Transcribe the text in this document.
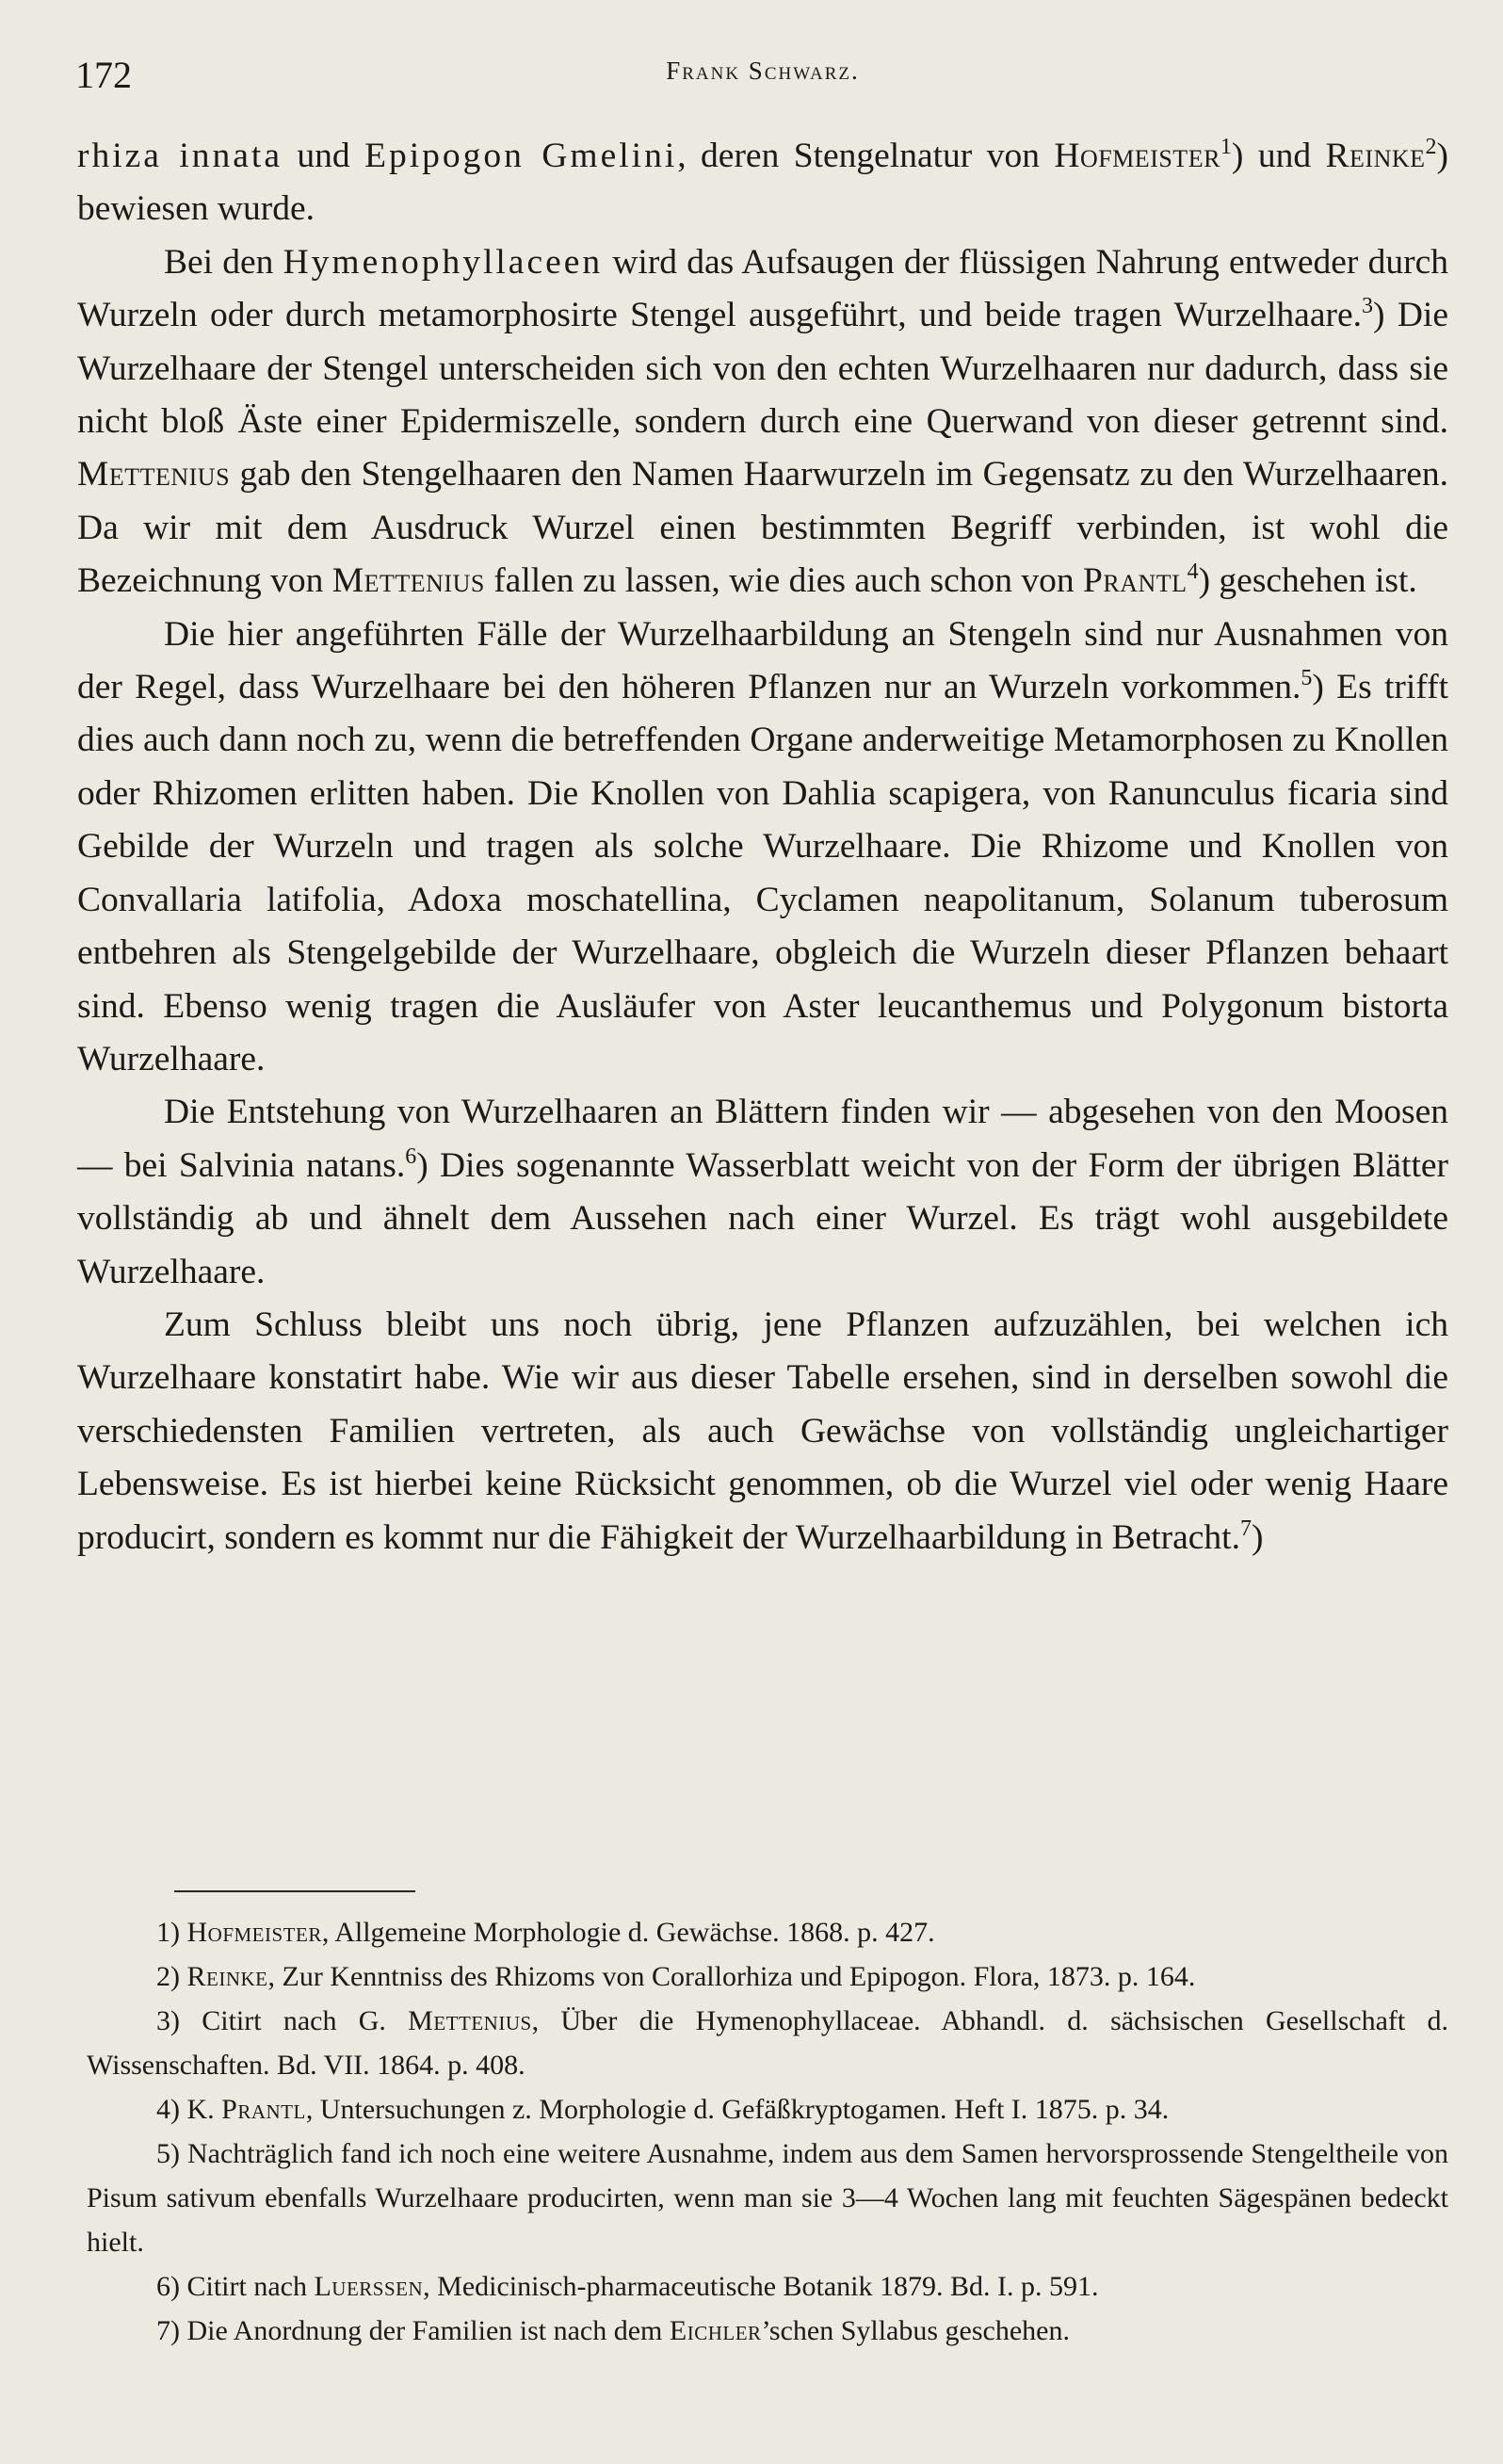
172	Frank Schwarz.

rhiza innata und Epipogon Gmelini, deren Stengelnatur von Hofmeister$^1$) und Reinke$^2$) bewiesen wurde.

Bei den Hymenophyllaceen wird das Aufsaugen der flüssigen Nahrung entweder durch Wurzeln oder durch metamorphosirte Stengel ausgeführt, und beide tragen Wurzelhaare.$^3$) Die Wurzelhaare der Stengel unterscheiden sich von den echten Wurzelhaaren nur dadurch, dass sie nicht bloß Äste einer Epidermiszelle, sondern durch eine Querwand von dieser getrennt sind. Mettenius gab den Stengelhaaren den Namen Haarwurzeln im Gegensatz zu den Wurzelhaaren. Da wir mit dem Ausdruck Wurzel einen bestimmten Begriff verbinden, ist wohl die Bezeichnung von Mettenius fallen zu lassen, wie dies auch schon von Prantl$^4$) geschehen ist.

Die hier angeführten Fälle der Wurzelhaarbildung an Stengeln sind nur Ausnahmen von der Regel, dass Wurzelhaare bei den höheren Pflanzen nur an Wurzeln vorkommen.$^5$) Es trifft dies auch dann noch zu, wenn die betreffenden Organe anderweitige Metamorphosen zu Knollen oder Rhizomen erlitten haben. Die Knollen von Dahlia scapigera, von Ranunculus ficaria sind Gebilde der Wurzeln und tragen als solche Wurzelhaare. Die Rhizome und Knollen von Convallaria latifolia, Adoxa moschatellina, Cyclamen neapolitanum, Solanum tuberosum entbehren als Stengelgebilde der Wurzelhaare, obgleich die Wurzeln dieser Pflanzen behaart sind. Ebenso wenig tragen die Ausläufer von Aster leucanthemus und Polygonum bistorta Wurzelhaare.

Die Entstehung von Wurzelhaaren an Blättern finden wir — abgesehen von den Moosen — bei Salvinia natans.$^6$) Dies sogenannte Wasserblatt weicht von der Form der übrigen Blätter vollständig ab und ähnelt dem Aussehen nach einer Wurzel. Es trägt wohl ausgebildete Wurzelhaare.

Zum Schluss bleibt uns noch übrig, jene Pflanzen aufzuzählen, bei welchen ich Wurzelhaare konstatirt habe. Wie wir aus dieser Tabelle ersehen, sind in derselben sowohl die verschiedensten Familien vertreten, als auch Gewächse von vollständig ungleichartiger Lebensweise. Es ist hierbei keine Rücksicht genommen, ob die Wurzel viel oder wenig Haare producirt, sondern es kommt nur die Fähigkeit der Wurzelhaarbildung in Betracht.$^7$)

1) Hofmeister, Allgemeine Morphologie d. Gewächse. 1868. p. 427.

2) Reinke, Zur Kenntniss des Rhizoms von Corallorhiza und Epipogon. Flora, 1873. p. 164.

3) Citirt nach G. Mettenius, Über die Hymenophyllaceae. Abhandl. d. sächsischen Gesellschaft d. Wissenschaften. Bd. VII. 1864. p. 408.

4) K. Prantl, Untersuchungen z. Morphologie d. Gefäßkryptogamen. Heft I. 1875. p. 34.

5) Nachträglich fand ich noch eine weitere Ausnahme, indem aus dem Samen hervorsprossende Stengeltheile von Pisum sativum ebenfalls Wurzelhaare producirten, wenn man sie 3—4 Wochen lang mit feuchten Sägespänen bedeckt hielt.

6) Citirt nach Luerssen, Medicinisch-pharmaceutische Botanik 1879. Bd. I. p. 591.

7) Die Anordnung der Familien ist nach dem Eichler’schen Syllabus geschehen.
